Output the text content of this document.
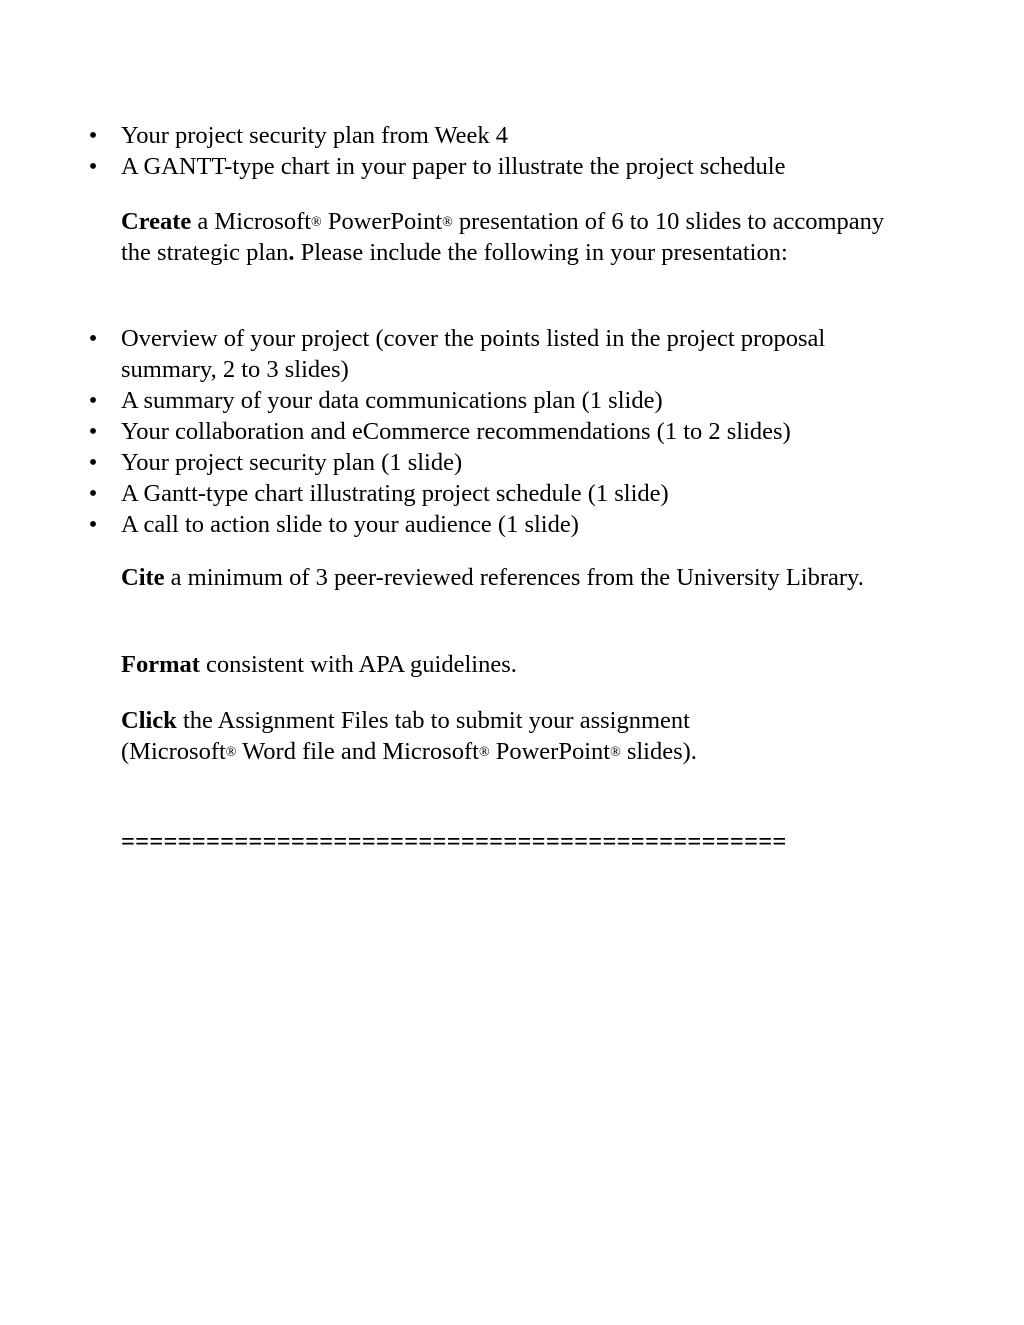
• Your project security plan from Week 4
• A GANTT-type chart in your paper to illustrate the project schedule

Create a Microsoft® PowerPoint® presentation of 6 to 10 slides to accompany the strategic plan. Please include the following in your presentation:

• Overview of your project (cover the points listed in the project proposal summary, 2 to 3 slides)
• A summary of your data communications plan (1 slide)
• Your collaboration and eCommerce recommendations (1 to 2 slides)
• Your project security plan (1 slide)
• A Gantt-type chart illustrating project schedule (1 slide)
• A call to action slide to your audience (1 slide)

Cite a minimum of 3 peer-reviewed references from the University Library.

Format consistent with APA guidelines.

Click the Assignment Files tab to submit your assignment (Microsoft® Word file and Microsoft® PowerPoint® slides).

===============================================
